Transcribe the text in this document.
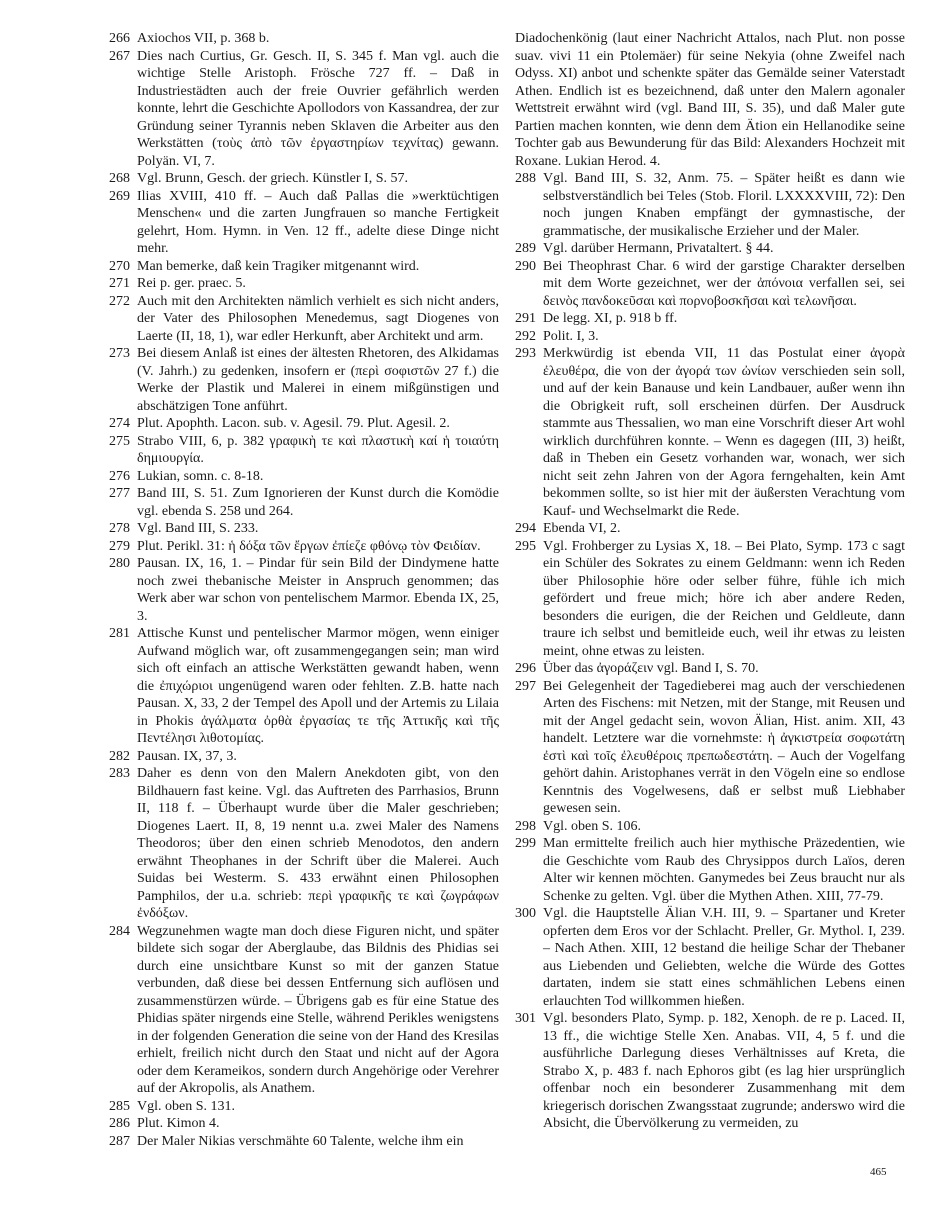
266 Axiochos VII, p. 368 b.

267 Dies nach Curtius, Gr. Gesch. II, S. 345 f. Man vgl. auch die wichtige Stelle Aristoph. Frösche 727 ff. – Daß in Industriestädten auch der freie Ouvrier gefährlich werden konnte, lehrt die Geschichte Apollodors von Kassandrea, der zur Gründung seiner Tyrannis neben Sklaven die Arbeiter aus den Werkstätten (τοὺς ἀπὸ τῶν ἐργαστηρίων τεχνίτας) gewann. Polyän. VI, 7.

268 Vgl. Brunn, Gesch. der griech. Künstler I, S. 57.

269 Ilias XVIII, 410 ff. – Auch daß Pallas die »werktüchtigen Menschen« und die zarten Jungfrauen so manche Fertigkeit gelehrt, Hom. Hymn. in Ven. 12 ff., adelte diese Dinge nicht mehr.

270 Man bemerke, daß kein Tragiker mitgenannt wird.

271 Rei p. ger. praec. 5.

272 Auch mit den Architekten nämlich verhielt es sich nicht anders, der Vater des Philosophen Menedemus, sagt Diogenes von Laerte (II, 18, 1), war edler Herkunft, aber Architekt und arm.

273 Bei diesem Anlaß ist eines der ältesten Rhetoren, des Alkidamas (V. Jahrh.) zu gedenken, insofern er (περὶ σοφιστῶν 27 f.) die Werke der Plastik und Malerei in einem mißgünstigen und abschätzigen Tone anführt.

274 Plut. Apophth. Lacon. sub. v. Agesil. 79. Plut. Agesil. 2.

275 Strabo VIII, 6, p. 382 γραφικὴ τε καὶ πλαστικὴ καί ἡ τοιαύτη δημιουργία.

276 Lukian, somn. c. 8-18.

277 Band III, S. 51. Zum Ignorieren der Kunst durch die Komödie vgl. ebenda S. 258 und 264.

278 Vgl. Band III, S. 233.

279 Plut. Perikl. 31: ἡ δόξα τῶν ἔργων ἐπίεζε φθόνῳ τὸν Φειδίαν.

280 Pausan. IX, 16, 1. – Pindar für sein Bild der Dindymene hatte noch zwei thebanische Meister in Anspruch genommen; das Werk aber war schon von pentelischem Marmor. Ebenda IX, 25, 3.

281 Attische Kunst und pentelischer Marmor mögen, wenn einiger Aufwand möglich war, oft zusammengegangen sein; man wird sich oft einfach an attische Werkstätten gewandt haben, wenn die ἐπιχώριοι ungenügend waren oder fehlten. Z.B. hatte nach Pausan. X, 33, 2 der Tempel des Apoll und der Artemis zu Lilaia in Phokis ἀγάλματα ὀρθὰ ἐργασίας τε τῆς Ἀττικῆς καὶ τῆς Πεντέλησι λιθοτομίας.

282 Pausan. IX, 37, 3.

283 Daher es denn von den Malern Anekdoten gibt, von den Bildhauern fast keine. Vgl. das Auftreten des Parrhasios, Brunn II, 118 f. – Überhaupt wurde über die Maler geschrieben; Diogenes Laert. II, 8, 19 nennt u.a. zwei Maler des Namens Theodoros; über den einen schrieb Menodotos, den andern erwähnt Theophanes in der Schrift über die Malerei. Auch Suidas bei Westerm. S. 433 erwähnt einen Philosophen Pamphilos, der u.a. schrieb: περὶ γραφικῆς τε καὶ ζωγράφων ἐνδόξων.

284 Wegzunehmen wagte man doch diese Figuren nicht, und später bildete sich sogar der Aberglaube, das Bildnis des Phidias sei durch eine unsichtbare Kunst so mit der ganzen Statue verbunden, daß diese bei dessen Entfernung sich auflösen und zusammenstürzen würde. – Übrigens gab es für eine Statue des Phidias später nirgends eine Stelle, während Perikles wenigstens in der folgenden Generation die seine von der Hand des Kresilas erhielt, freilich nicht durch den Staat und nicht auf der Agora oder dem Kerameikos, sondern durch Angehörige oder Verehrer auf der Akropolis, als Anathem.

285 Vgl. oben S. 131.

286 Plut. Kimon 4.

287 Der Maler Nikias verschmähte 60 Talente, welche ihm ein

Diadochenkönig (laut einer Nachricht Attalos, nach Plut. non posse suav. vivi 11 ein Ptolemäer) für seine Nekyia (ohne Zweifel nach Odyss. XI) anbot und schenkte später das Gemälde seiner Vaterstadt Athen. Endlich ist es bezeichnend, daß unter den Malern agonaler Wettstreit erwähnt wird (vgl. Band III, S. 35), und daß Maler gute Partien machen konnten, wie denn dem Ätion ein Hellanodike seine Tochter gab aus Bewunderung für das Bild: Alexanders Hochzeit mit Roxane. Lukian Herod. 4.

288 Vgl. Band III, S. 32, Anm. 75. – Später heißt es dann wie selbstverständlich bei Teles (Stob. Floril. LXXXXVIII, 72): Den noch jungen Knaben empfängt der gymnastische, der grammatische, der musikalische Erzieher und der Maler.

289 Vgl. darüber Hermann, Privataltert. § 44.

290 Bei Theophrast Char. 6 wird der garstige Charakter derselben mit dem Worte gezeichnet, wer der ἀπόνοια verfallen sei, sei δεινὸς πανδοκεῦσαι καὶ πορνοβοσκῆσαι καὶ τελωνῆσαι.

291 De legg. XI, p. 918 b ff.

292 Polit. I, 3.

293 Merkwürdig ist ebenda VII, 11 das Postulat einer ἀγορὰ ἐλευθέρα, die von der ἀγορά των ὠνίων verschieden sein soll, und auf der kein Banause und kein Landbauer, außer wenn ihn die Obrigkeit ruft, soll erscheinen dürfen. Der Ausdruck stammte aus Thessalien, wo man eine Vorschrift dieser Art wohl wirklich durchführen konnte. – Wenn es dagegen (III, 3) heißt, daß in Theben ein Gesetz vorhanden war, wonach, wer sich nicht seit zehn Jahren von der Agora ferngehalten, kein Amt bekommen sollte, so ist hier mit der äußersten Verachtung vom Kauf- und Wechselmarkt die Rede.

294 Ebenda VI, 2.

295 Vgl. Frohberger zu Lysias X, 18. – Bei Plato, Symp. 173 c sagt ein Schüler des Sokrates zu einem Geldmann: wenn ich Reden über Philosophie höre oder selber führe, fühle ich mich gefördert und freue mich; höre ich aber andere Reden, besonders die eurigen, die der Reichen und Geldleute, dann traure ich selbst und bemitleide euch, weil ihr etwas zu leisten meint, ohne etwas zu leisten.

296 Über das ἀγοράζειν vgl. Band I, S. 70.

297 Bei Gelegenheit der Tagedieberei mag auch der verschiedenen Arten des Fischens: mit Netzen, mit der Stange, mit Reusen und mit der Angel gedacht sein, wovon Älian, Hist. anim. XII, 43 handelt. Letztere war die vornehmste: ἡ ἀγκιστρεία σοφωτάτη ἐστὶ καὶ τοῖς ἐλευθέροις πρεπωδεστάτη. – Auch der Vogelfang gehört dahin. Aristophanes verrät in den Vögeln eine so endlose Kenntnis des Vogelwesens, daß er selbst muß Liebhaber gewesen sein.

298 Vgl. oben S. 106.

299 Man ermittelte freilich auch hier mythische Präzedentien, wie die Geschichte vom Raub des Chrysippos durch Laïos, deren Alter wir kennen möchten. Ganymedes bei Zeus braucht nur als Schenke zu gelten. Vgl. über die Mythen Athen. XIII, 77-79.

300 Vgl. die Hauptstelle Älian V.H. III, 9. – Spartaner und Kreter opferten dem Eros vor der Schlacht. Preller, Gr. Mythol. I, 239. – Nach Athen. XIII, 12 bestand die heilige Schar der Thebaner aus Liebenden und Geliebten, welche die Würde des Gottes dartaten, indem sie statt eines schmählichen Lebens einen erlauchten Tod willkommen hießen.

301 Vgl. besonders Plato, Symp. p. 182, Xenoph. de re p. Laced. II, 13 ff., die wichtige Stelle Xen. Anabas. VII, 4, 5 f. und die ausführliche Darlegung dieses Verhältnisses auf Kreta, die Strabo X, p. 483 f. nach Ephoros gibt (es lag hier ursprünglich offenbar noch ein besonderer Zusammenhang mit dem kriegerisch dorischen Zwangsstaat zugrunde; anderswo wird die Absicht, die Übervölkerung zu vermeiden, zu

465
